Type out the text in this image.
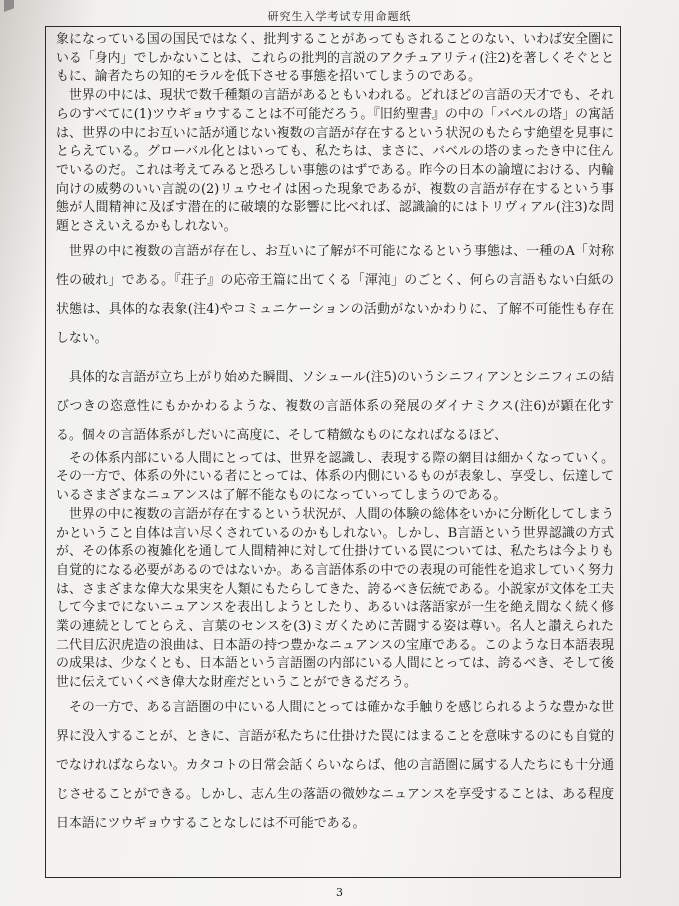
研究生入学考试专用命题纸

象になっている国の国民ではなく、批判することがあってもされることのない、いわば安全圏にいる「身内」でしかないことは、これらの批判的言説のアクチュアリティ(注2)を著しくそぐとともに、論者たちの知的モラルを低下させる事態を招いてしまうのである。

世界の中には、現状で数千種類の言語があるともいわれる。どれほどの言語の天才でも、それらのすべてに(1)ツウギョウすることは不可能だろう。『旧約聖書』の中の「バベルの塔」の寓話は、世界の中にお互いに話が通じない複数の言語が存在するという状況のもたらす絶望を見事にとらえている。グローバル化とはいっても、私たちは、まさに、バベルの塔のまったき中に住んでいるのだ。これは考えてみると恐ろしい事態のはずである。昨今の日本の論壇における、内輪向けの威勢のいい言説の(2)リュウセイは困った現象であるが、複数の言語が存在するという事態が人間精神に及ぼす潜在的に破壊的な影響に比べれば、認識論的にはトリヴィアル(注3)な問題とさえいえるかもしれない。

世界の中に複数の言語が存在し、お互いに了解が不可能になるという事態は、一種のA「対称性の破れ」である。『荘子』の応帝王篇に出てくる「渾沌」のごとく、何らの言語もない白紙の状態は、具体的な表象(注4)やコミュニケーションの活動がないかわりに、了解不可能性も存在しない。

具体的な言語が立ち上がり始めた瞬間、ソシュール(注5)のいうシニフィアンとシニフィエの結びつきの恣意性にもかかわるような、複数の言語体系の発展のダイナミクス(注6)が顕在化する。個々の言語体系がしだいに高度に、そして精緻なものになればなるほど、

その体系内部にいる人間にとっては、世界を認識し、表現する際の網目は細かくなっていく。その一方で、体系の外にいる者にとっては、体系の内側にいるものが表象し、享受し、伝達しているさまざまなニュアンスは了解不能なものになっていってしまうのである。

世界の中に複数の言語が存在するという状況が、人間の体験の総体をいかに分断化してしまうかということ自体は言い尽くされているのかもしれない。しかし、B言語という世界認識の方式が、その体系の複雑化を通して人間精神に対して仕掛けている罠については、私たちは今よりも自覚的になる必要があるのではないか。ある言語体系の中での表現の可能性を追求していく努力は、さまざまな偉大な果実を人類にもたらしてきた、誇るべき伝統である。小説家が文体を工夫して今までにないニュアンスを表出しようとしたり、あるいは落語家が一生を絶え間なく続く修業の連続としてとらえ、言葉のセンスを(3)ミガくために苦闘する姿は尊い。名人と讃えられた二代目広沢虎造の浪曲は、日本語の持つ豊かなニュアンスの宝庫である。このような日本語表現の成果は、少なくとも、日本語という言語圏の内部にいる人間にとっては、誇るべき、そして後世に伝えていくべき偉大な財産だということができるだろう。

その一方で、ある言語圏の中にいる人間にとっては確かな手触りを感じられるような豊かな世界に没入することが、ときに、言語が私たちに仕掛けた罠にはまることを意味するのにも自覚的でなければならない。カタコトの日常会話くらいならば、他の言語圏に属する人たちにも十分通じさせることができる。しかし、志ん生の落語の微妙なニュアンスを享受することは、ある程度日本語にツウギョウすることなしには不可能である。

3
